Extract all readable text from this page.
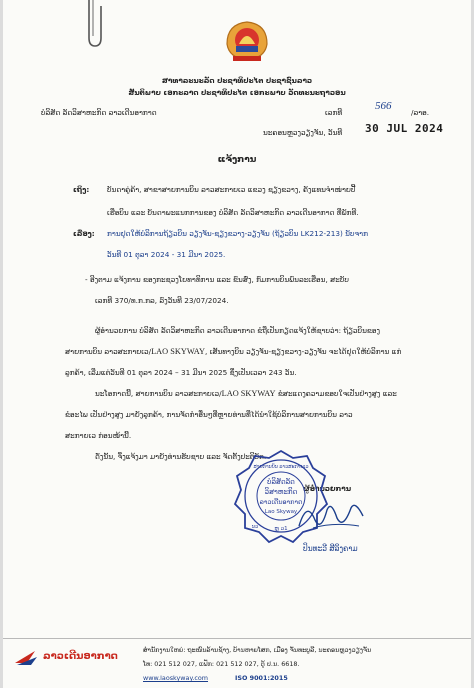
ສາທາລະນະລັດ ປະຊາທິປະໄຕ ປະຊາຊົນລາວ
ສັນຕິພາບ ເອກະລາດ ປະຊາທິປະໄຕ ເອກະພາບ ວັດທະນະຖາວອນ
ບໍລິສັດ ລັດວິສາຫະກິດ ລາວເດີນອາກາດ	ເລກທີ
566
/ລາອ.
ນະຄອນຫຼວງວຽງຈັນ, ວັນທີ 30 JUL 2024
ແຈ້ງການ
ເຖິງ: ບັນດາຄູ່ຄ້າ, ສາຂາສາຍການບິນ ລາວສະກາຍເວ ແຂວງ ຊຽງຂວາງ, ຄັງແທນຈຳໜ່າຍປີ້
ເຮືອບິນ ແລະ ບັນດາພະແນກການຂອງ ບໍລິສັດ ລັດວິສາຫະກິດ ລາວເດີນອາກາດ ທີ່ພັກທີ.
ເລື່ອງ: ການຢຸດໃຫ້ບໍລິການຖ້ຽວບິນ ວຽງຈັນ-ຊຽງຂວາງ-ວຽງຈັນ (ຖ້ຽວບິນ LK212-213) ນັບຈາກ
ວັນທີ 01 ຕຸລາ 2024 - 31 ມີນາ 2025.
- ອີງຕາມ ແຈ້ງການ ຂອງກະຊວງໂຍທາທິການ ແລະ ຂົນສົ່ງ, ກົມການບິນພົນລະເຮືອນ, ສະບັບ
ເລກທີ 370/ທ.ກ.ກລ, ລົງວັນທີ 23/07/2024.
ຜູ້ອຳນວຍການ ບໍລິສັດ ລັດວິສາຫະກິດ ລາວເດີນອາກາດ ຂໍຖືເປັນກຽດແຈ້ງໃຫ້ຊາບວ່າ: ຖ້ຽວບິນຂອງ
ສາຍການບິນ ລາວສະກາຍເວ/LAO SKYWAY, ເສັ້ນທາງບິນ ວຽງຈັນ-ຊຽງຂວາງ-ວຽງຈັນ ຈະໄດ້ຢຸດໃຫ້ບໍລິການ ແກ່
ລູກຄ້າ, ເລີ່ມແຕ່ວັນທີ 01 ຕຸລາ 2024 – 31 ມີນາ 2025 ຊຶ່ງເປັນເວລາ 243 ວັນ.
ນະໂອກາດນີ້, ສາຍການບິນ ລາວສະກາຍເວ/LAO SKYWAY ຂໍສະແດງຄວາມຂອບໃຈເປັນຢ່າງສູງ ແລະ
ຂໍອະໄພ ເປັນຢ່າງສູງ ມາຍັງລູກຄ້າ, ການຈັດກຳອື່ນໆທີ່ຫຼາຍທ່ານທີ່ໄດ້ນຳໃຊ້ບໍລິການສາຍການບິນ ລາວ
ສະກາຍເວ ກ່ອນໜ້ານີ້.
ດັ່ງນັ້ນ, ຈຶ່ງແຈ້ງມາ ມາຍັງທ່ານຮັບຊາບ ແລະ ຈັດຕັ້ງປະຕິບັດ.
ຜູ້ອຳນວຍການ
ບໍລິສັດລັດ
ວິສາຫະກິດ
ລາວເດີນອາກາດ
Lao Skyway
ສາຍການບິນ ລາວສະກາຍເວ
ນວ	ຫຼ ວ1
ປິນທະວີ ສີລິງຄາມ
ລາວເດີນອາກາດ
ສຳນັກງານໃຫຍ່: ຖະໜົນລ້ານຊ້າງ, ບ້ານຫາຍໂສກ, ເມືອງ ຈັນທະບູລີ, ນະຄອນຫຼວງວຽງຈັນ
ໂທ: 021 512 027, ແຟັກ: 021 512 027, ຕູ້ ປ.ນ. 6618.
www.laoskyway.com	ISO 9001:2015
